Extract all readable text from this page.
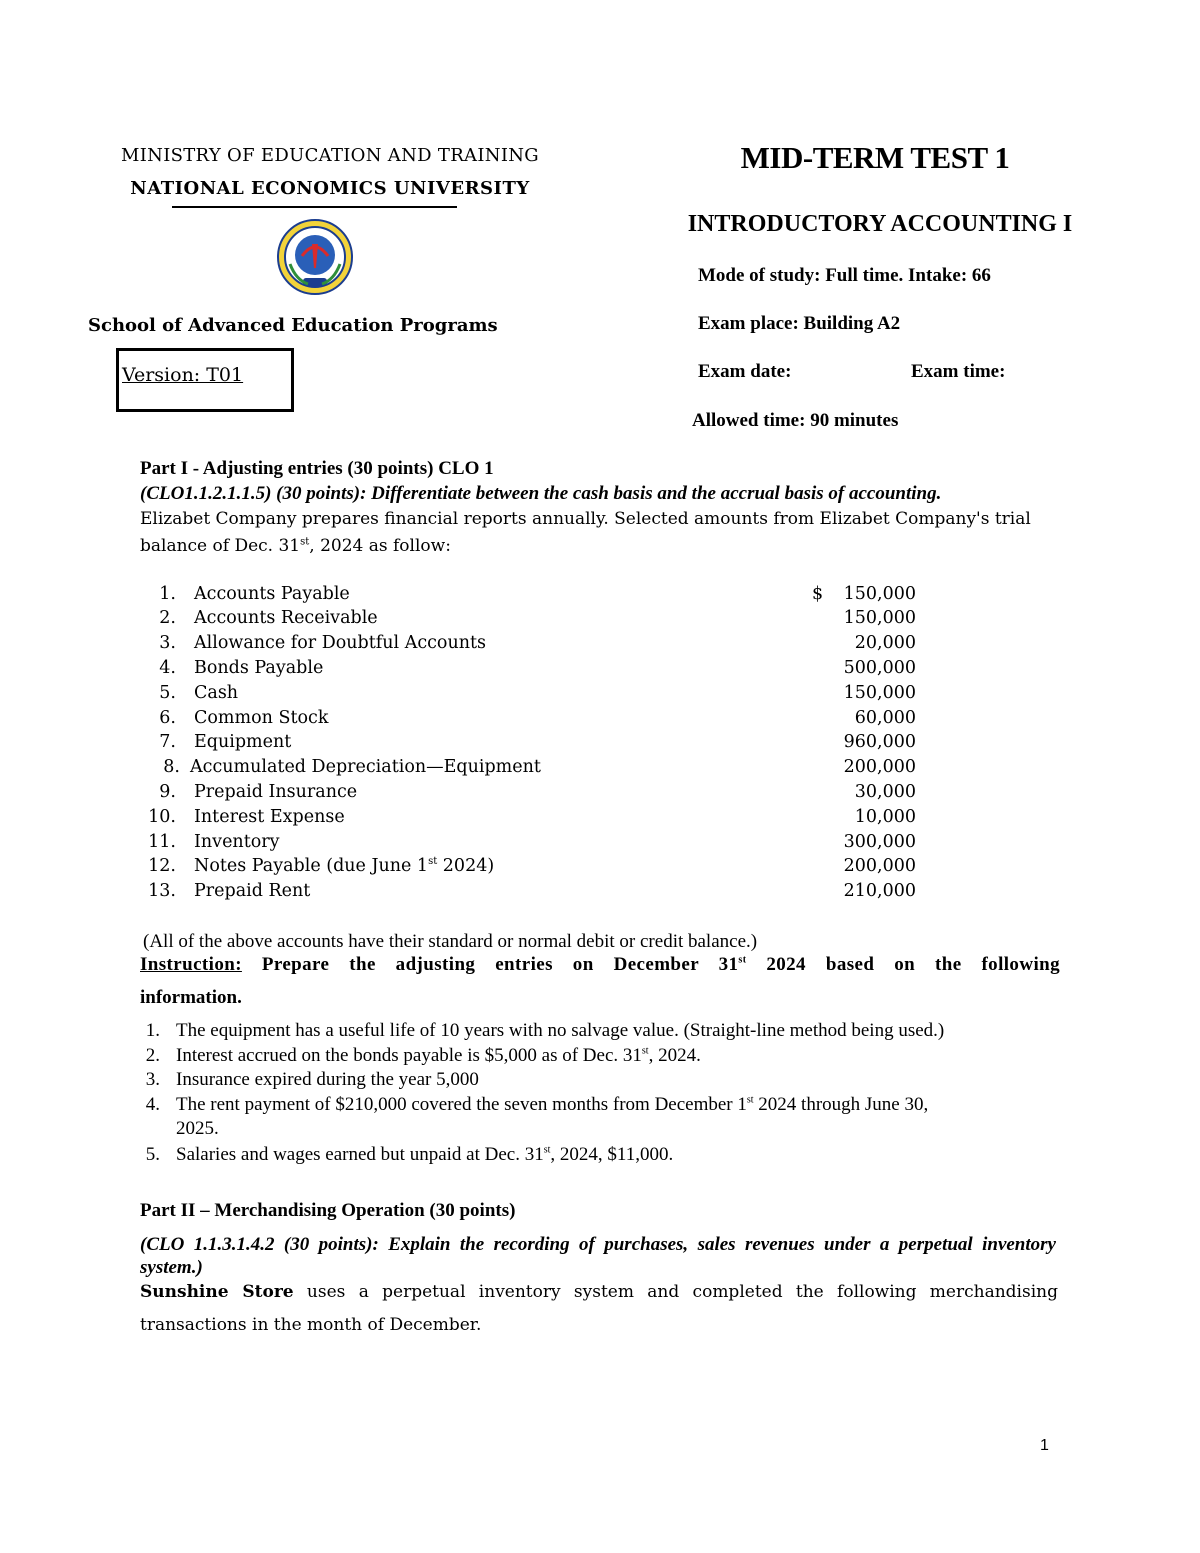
MINISTRY OF EDUCATION AND TRAINING
NATIONAL ECONOMICS UNIVERSITY
School of Advanced Education Programs
Version: T01
MID-TERM TEST 1
INTRODUCTORY ACCOUNTING I
Mode of study: Full time. Intake: 66
Exam place: Building A2
Exam date:	Exam time:
Allowed time: 90 minutes
Part I - Adjusting entries (30 points) CLO 1
(CLO1.1.2.1.1.5) (30 points): Differentiate between the cash basis and the accrual basis of accounting.
Elizabet Company prepares financial reports annually. Selected amounts from Elizabet Company's trial
balance of Dec. 31st, 2024 as follow:
$
1. Accounts Payable	150,000
2. Accounts Receivable	150,000
3. Allowance for Doubtful Accounts	20,000
4. Bonds Payable	500,000
5. Cash	150,000
6. Common Stock	60,000
7. Equipment	960,000
8. Accumulated Depreciation—Equipment	200,000
9. Prepaid Insurance	30,000
10. Interest Expense	10,000
11. Inventory	300,000
12. Notes Payable (due June 1st 2024)	200,000
13. Prepaid Rent	210,000
(All of the above accounts have their standard or normal debit or credit balance.)
Instruction: Prepare the adjusting entries on December 31st 2024 based on the following
information.
1. The equipment has a useful life of 10 years with no salvage value. (Straight-line method being used.)
2. Interest accrued on the bonds payable is $5,000 as of Dec. 31st, 2024.
3. Insurance expired during the year 5,000
4. The rent payment of $210,000 covered the seven months from December 1st 2024 through June 30,
2025.
5. Salaries and wages earned but unpaid at Dec. 31st, 2024, $11,000.
Part II – Merchandising Operation (30 points)
(CLO 1.1.3.1.4.2 (30 points): Explain the recording of purchases, sales revenues under a perpetual inventory system.)
Sunshine Store uses a perpetual inventory system and completed the following merchandising
transactions in the month of December.
1
